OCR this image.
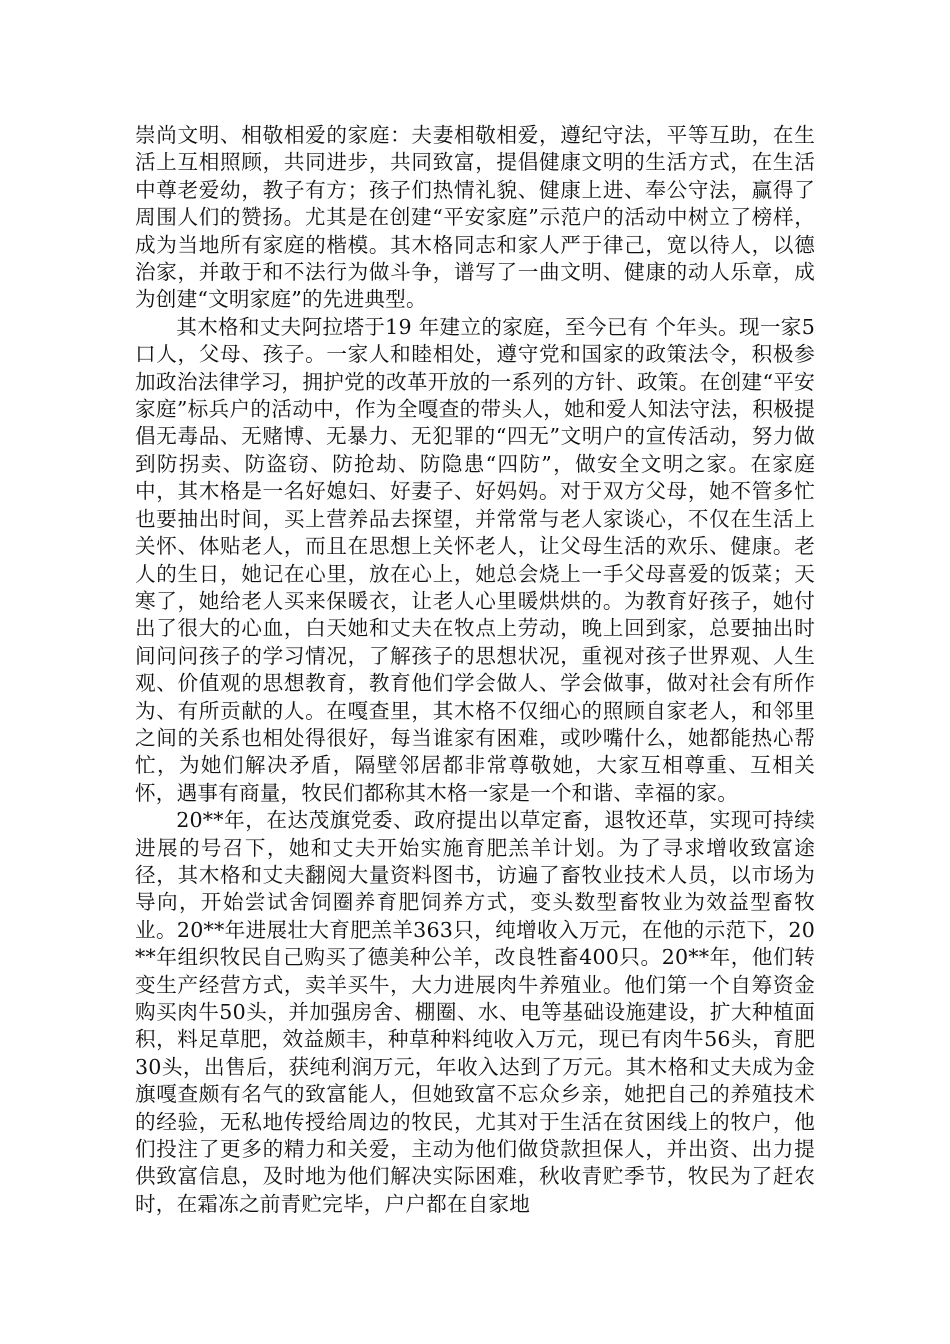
崇尚文明、相敬相爱的家庭：夫妻相敬相爱，遵纪守法，平等互助，在生活上互相照顾，共同进步，共同致富，提倡健康文明的生活方式，在生活中尊老爱幼，教子有方；孩子们热情礼貌、健康上进、奉公守法，赢得了周围人们的赞扬。尤其是在创建“平安家庭”示范户的活动中树立了榜样，成为当地所有家庭的楷模。其木格同志和家人严于律己，宽以待人，以德治家，并敢于和不法行为做斗争，谱写了一曲文明、健康的动人乐章，成为创建“文明家庭”的先进典型。

其木格和丈夫阿拉塔于19 年建立的家庭，至今已有 个年头。现一家5口人，父母、孩子。一家人和睦相处，遵守党和国家的政策法令，积极参加政治法律学习，拥护党的改革开放的一系列的方针、政策。在创建“平安家庭”标兵户的活动中，作为全嘎查的带头人，她和爱人知法守法，积极提倡无毒品、无赌博、无暴力、无犯罪的“四无”文明户的宣传活动，努力做到防拐卖、防盗窃、防抢劫、防隐患“四防”，做安全文明之家。在家庭中，其木格是一名好媳妇、好妻子、好妈妈。对于双方父母，她不管多忙也要抽出时间，买上营养品去探望，并常常与老人家谈心，不仅在生活上关怀、体贴老人，而且在思想上关怀老人，让父母生活的欢乐、健康。老人的生日，她记在心里，放在心上，她总会烧上一手父母喜爱的饭菜；天寒了，她给老人买来保暖衣，让老人心里暖烘烘的。为教育好孩子，她付出了很大的心血，白天她和丈夫在牧点上劳动，晚上回到家，总要抽出时间问问孩子的学习情况，了解孩子的思想状况，重视对孩子世界观、人生观、价值观的思想教育，教育他们学会做人、学会做事，做对社会有所作为、有所贡献的人。在嘎查里，其木格不仅细心的照顾自家老人，和邻里之间的关系也相处得很好，每当谁家有困难，或吵嘴什么，她都能热心帮忙，为她们解决矛盾，隔壁邻居都非常尊敬她，大家互相尊重、互相关怀，遇事有商量，牧民们都称其木格一家是一个和谐、幸福的家。

20**年，在达茂旗党委、政府提出以草定畜，退牧还草，实现可持续进展的号召下，她和丈夫开始实施育肥羔羊计划。为了寻求增收致富途径，其木格和丈夫翻阅大量资料图书，访遍了畜牧业技术人员，以市场为导向，开始尝试舍饲圈养育肥饲养方式，变头数型畜牧业为效益型畜牧业。20**年进展壮大育肥羔羊363只，纯增收入万元，在他的示范下，20**年组织牧民自己购买了德美种公羊，改良牲畜400只。20**年，他们转变生产经营方式，卖羊买牛，大力进展肉牛养殖业。他们第一个自筹资金购买肉牛50头，并加强房舍、棚圈、水、电等基础设施建设，扩大种植面积，料足草肥，效益颇丰，种草种料纯收入万元，现已有肉牛56头，育肥30头，出售后，获纯利润万元，年收入达到了万元。其木格和丈夫成为金旗嘎查颇有名气的致富能人，但她致富不忘众乡亲，她把自己的养殖技术的经验，无私地传授给周边的牧民，尤其对于生活在贫困线上的牧户，他们投注了更多的精力和关爱，主动为他们做贷款担保人，并出资、出力提供致富信息，及时地为他们解决实际困难，秋收青贮季节，牧民为了赶农时，在霜冻之前青贮完毕，户户都在自家地
